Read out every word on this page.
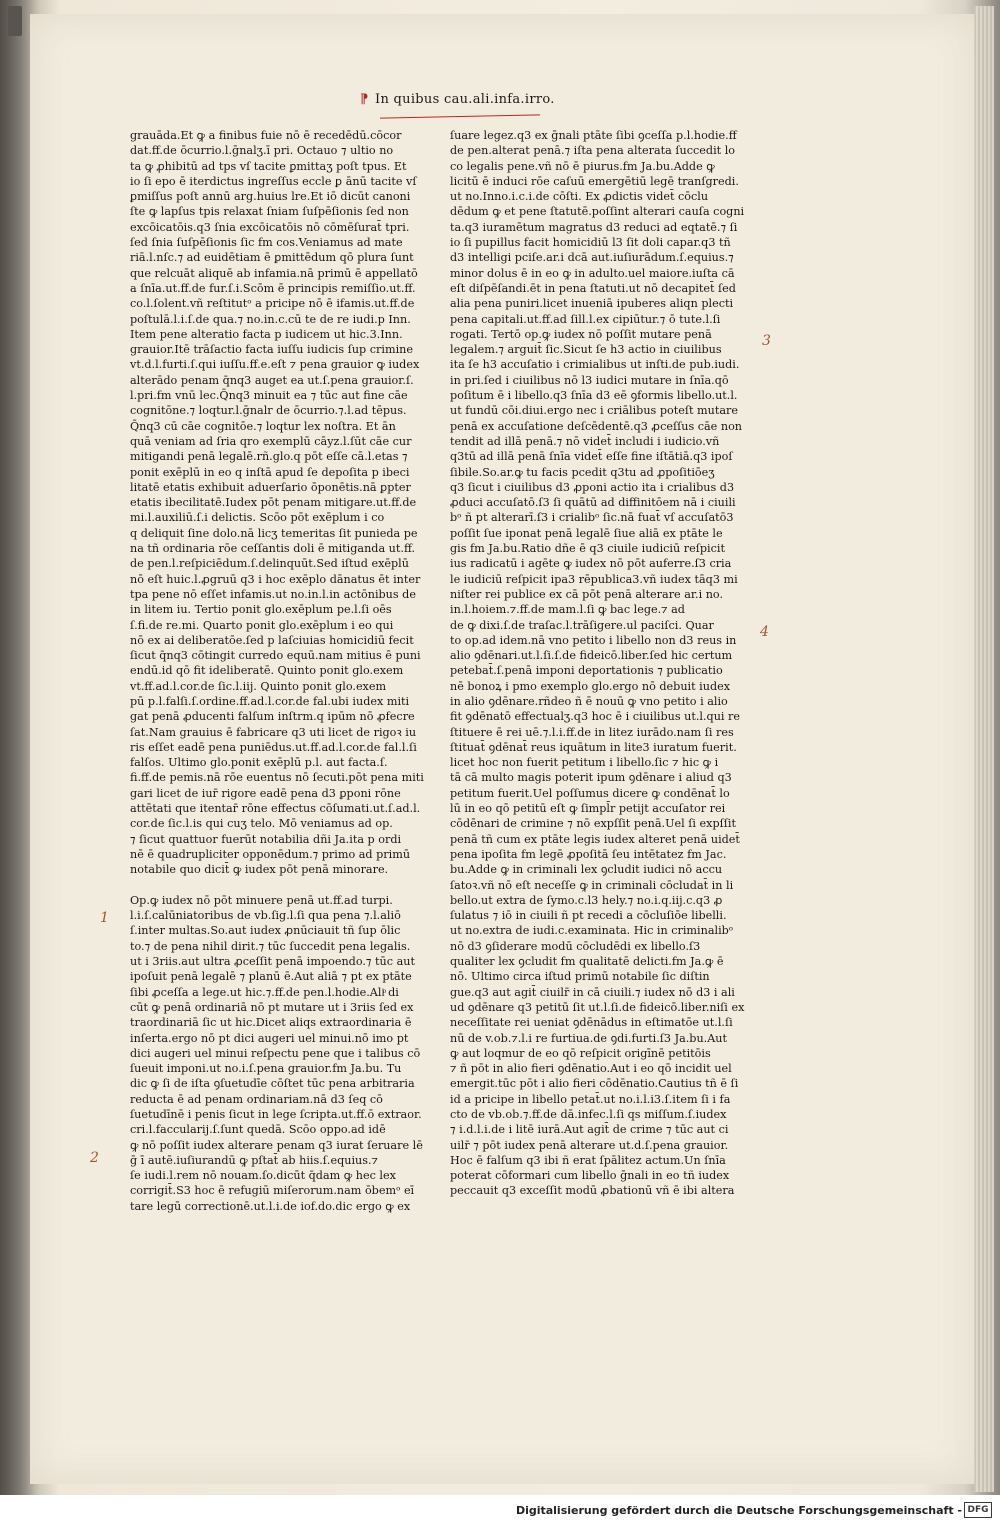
⁋ In quibus cau.ali.infa.irro.
grauāda.Et ꝙ a finibus fuie nō ē recedēdū.cōcor
dat.ff.de ōcurrio.l.ḡnalʒ.ī pri. Octauo ⁊ ultio no
ta ꝙ ꝓhibitū ad tps vſ tacite ꝑmittaʒ poſt tpus. Et
io ſi epo ē iterdictus ingreſſus eccle ꝑ ānū tacite vſ
ꝑmiſſus poſt annū arg.huius lre.Et iō dicūt canoni
ſte ꝙ lapſus tpis relaxat ſniam ſuſpēſionis ſed non
excōicatōis.q3 ſnia excōicatōis nō cōmēſurat̄ tpri.
ſed ſnia ſuſpēſionis ſic fm cos.Veniamus ad mate
riā.l.nſc.⁊ ad euidētiam ē ꝑmittēdum qō plura ſunt
que relcuāt aliquē ab infamia.nā primū ē appellatō
a ſnīa.ut.ff.de fur.ſ.i.Scōm ē principis remiſſio.ut.ff.
co.l.ſolent.vñ reſtitutᵒ a pricipe nō ē ifamis.ut.ff.de
poſtulā.l.i.ſ.de qua.⁊ no.in.c.cū te de re iudi.p Inn.
Item pene alteratio facta p iudicem ut hic.3.Inn.
grauior.Itē trāſactio facta iuſſu iudicis ſup crimine
vt.d.l.furti.ſ.qui iuſſu.ff.e.eſt ⁊ pena grauior ꝙ iudex
alterādo penam q̄nq3 auget ea ut.ſ.pena grauior.ſ.
l.pri.fm vnū lec.Q̄nq3 minuit ea ⁊ tūc aut fine cāe
cognitōne.⁊ loqtur.l.ḡnalr de ōcurrio.⁊.l.ad tēpus.
Q̄nq3 cū cāe cognitōe.⁊ loqtur lex noſtra. Et ān
quā veniam ad ſria qro exemplū cāyz.l.ſūt cāe cur
mitigandi penā legalē.rñ.glo.q pōt eſſe cā.l.etas ⁊
ponit exēplū in eo q inſtā apud ſe depoſita p ibeci
litatē etatis exhibuit aduerſario ōponētis.nā ꝑpter
etatis ibecilitatē.Iudex pōt penam mitigare.ut.ff.de
mi.l.auxiliū.ſ.i delictis. Scōo pōt exēplum i co
q deliquit ſine dolo.nā licʒ temeritas ſit punieda pe
na tñ ordinaria rōe ceſſantis doli ē mitiganda ut.ff.
de pen.l.reſpiciēdum.ſ.delinquūt.Sed iſtud exēplū
nō eſt huic.l.ꝓgruū q3 i hoc exēplo dānatus ēt inter
tpa pene nō eſſet infamis.ut no.in.l.in actōnibus de
in litem iu. Tertio ponit glo.exēplum pe.l.ſi oēs
ſ.fi.de re.mi. Quarto ponit glo.exēplum i eo qui
nō ex ai deliberatōe.ſed p laſciuias homicidiū fecit
ſicut q̄nq3 cōtingit curredo equū.nam mitius ē puni
endū.id qō fit ideliberatē. Quinto ponit glo.exem
vt.ff.ad.l.cor.de ſic.l.iij. Quinto ponit glo.exem
pū p.l.falſi.ſ.ordine.ff.ad.l.cor.de fal.ubi iudex miti
gat penā ꝓducenti falſum inſtrm.q ipūm nō ꝓfecre
ſat.Nam grauius ē fabricare q3 uti licet de rigoꝛ iu
ris eſſet eadē pena puniēdus.ut.ff.ad.l.cor.de fal.l.ſi
falſos. Ultimo glo.ponit exēplū p.l. aut facta.ſ.
fi.ff.de pemis.nā rōe euentus nō ſecuti.pōt pena miti
gari licet de iur̄ rigore eadē pena d3 ꝑponi rōne
attētati que itentar̄ rōne effectus cōſumati.ut.ſ.ad.l.
cor.de ſic.l.is qui cuʒ telo. Mō veniamus ad op.
⁊ ſicut quattuor fuerūt notabilia dñi Ja.ita p ordi
nē ē quadrupliciter opponēdum.⁊ primo ad primū
notabile quo dicit̄ ꝙ iudex pōt penā minorare.
Op.ꝙ iudex nō pōt minuere penā ut.ff.ad turpi.
l.i.ſ.calūniatoribus de vb.ſig.l.ſi qua pena ⁊.l.aliō
ſ.inter multas.So.aut iudex ꝓnūciauit tñ ſup ōlic
to.⁊ de pena nihil dirit.⁊ tūc ſuccedit pena legalis.
ut i 3riis.aut ultra ꝓceſſit penā impoendo.⁊ tūc aut
ipoſuit penā legalē ⁊ planū ē.Aut aliā ⁊ pt ex ptāte
ſibi ꝓceſſa a lege.ut hic.⁊.ff.de pen.l.hodie.Aliͦ di
cūt ꝙ penā ordinariā nō pt mutare ut i 3riis ſed ex
traordinariā ſic ut hic.Dicet aliqs extraordinaria ē
inſerta.ergo nō pt dici augeri uel minui.nō imo pt
dici augeri uel minui reſpectu pene que i talibus cō
ſueuit imponi.ut no.i.ſ.pena grauior.fm Ja.bu. Tu
dic ꝙ ſi de iſta ꝯſuetudīe cōſtet tūc pena arbitraria
reducta ē ad penam ordinariam.nā d3 ſeq cō
ſuetudīnē i penis ſicut in lege ſcripta.ut.ff.ō extraor.
cri.l.faccularij.ſ.ſunt quedā. Scōo oppo.ad idē
ꝙ nō poſſit iudex alterare penam q3 iurat ſeruare lē
ḡ ī autē.iuſiurandū ꝙ pſtat̄ ab hiis.ſ.equius.⁊
ſe iudi.l.rem nō nouam.ſo.dicūt q̄dam ꝙ hec lex
corrigit̄.S3 hoc ē refugiū miſerorum.nam ōbemᵒ eī
tare legū correctionē.ut.l.i.de iof.do.dic ergo ꝙ ex
ſuare legez.q3 ex ḡnali ptāte ſibi ꝯceſſa p.l.hodie.ff
de pen.alterat penā.⁊ iſta pena alterata ſuccedit lo
co legalis pene.vñ nō ē piurus.fm Ja.bu.Adde ꝙ
licitū ē induci rōe caſuū emergētiū legē tranſgredi.
ut no.Inno.i.c.i.de cōſti. Ex ꝓdictis videt̄ cōclu
dēdum ꝙ et pene ſtatutē.poſſint alterari cauſa cogni
ta.q3 iuramētum magratus d3 reduci ad eqtatē.⁊ ſi
io ſi pupillus facit homicidiū l3 ſit doli capar.q3 tñ
d3 intelligi pciſe.ar.i dcā aut.iuſiurādum.ſ.equius.⁊
minor dolus ē in eo ꝙ in adulto.uel maiore.iuſta cā
eſt diſpēſandi.ēt in pena ſtatuti.ut nō decapitet̄ ſed
alia pena puniri.licet inueniā ipuberes aliqn plecti
pena capitali.ut.ff.ad ſill.l.ex cipiūtur.⁊ ō tute.l.ſi
rogati. Tertō op.ꝙ iudex nō poſſit mutare penā
legalem.⁊ arguit̄ ſic.Sicut ſe h3 actio in ciuilibus
ita ſe h3 accuſatio i crimialibus ut inſti.de pub.iudi.
in pri.ſed i ciuilibus nō l3 iudici mutare in ſnīa.qō
poſitum ē i libello.q3 ſnīa d3 eē ꝯformis libello.ut.l.
ut fundū cōi.diui.ergo nec i criālibus poteſt mutare
penā ex accuſatione deſcēdentē.q3 ꝓceſſus cāe non
tendit ad illā penā.⁊ nō videt̄ includi i iudicio.vñ
q3tū ad illā penā ſnīa videt̄ eſſe fine iſtātiā.q3 ipoſ
ſibile.So.ar.ꝙ tu facis pcedit q3tu ad ꝓpoſitiōeʒ
q3 ſicut i ciuilibus d3 ꝓponi actio ita i crialibus d3
ꝓduci accuſatō.ſ3 ſi quātū ad diffinitōem nā i ciuili
bᵒ ñ pt alterarī.ſ3 i crialibᵒ ſic.nā fuat̄ vſ accuſatō3
poſſit ſue iponat penā legalē ſiue aliā ex ptāte le
gis fm Ja.bu.Ratio dñe ē q3 ciuile iudiciū reſpicit
ius radicatū i agēte ꝙ iudex nō pōt auferre.ſ3 cria
le iudiciū reſpicit ipa3 rēpublica3.vñ iudex tāq3 mi
niſter rei publice ex cā pōt penā alterare ar.i no.
in.l.hoiem.⁊.ff.de mam.l.ſi ꝙ bac lege.⁊ ad
de ꝙ dixi.ſ.de traſac.l.trāſigere.ul paciſci. Quar
to op.ad idem.nā vno petito i libello non d3 reus in
alio ꝯdēnari.ut.l.ſi.ſ.de fideicō.liber.ſed hic certum
petebat̄.ſ.penā imponi deportationis ⁊ publicatio
nē bonoꝝ i pmo exemplo glo.ergo nō debuit iudex
in alio ꝯdēnare.rñdeo ñ ē nouū ꝙ vno petito i alio
fit ꝯdēnatō effectualʒ.q3 hoc ē i ciuilibus ut.l.qui re
ſtituere ē rei uē.⁊.l.i.ff.de in litez iurādo.nam ſi res
ſtituat̄ ꝯdēnat̄ reus iquātum in lite3 iuratum fuerit.
licet hoc non fuerit petitum i libello.ſic ⁊ hic ꝙ i
tā cā multo magis poterit ipum ꝯdēnare i aliud q3
petitum fuerit.Uel poſſumus dicere ꝙ condēnat̄ lo
lū in eo qō petitū eſt ꝙ ſimpl̄r petijt accuſator rei
cōdēnari de crimine ⁊ nō expſſit penā.Uel ſi expſſit
penā tñ cum ex ptāte legis iudex alteret penā uidet̄
pena ipoſita fm legē ꝓpoſitā ſeu intētatez fm Jac.
bu.Adde ꝙ in criminali lex ꝯcludit iudici nō accu
ſatoꝛ.vñ nō eſt neceſſe ꝙ in criminali cōcludat̄ in li
bello.ut extra de ſymo.c.l3 hely.⁊ no.i.q.iij.c.q3 ꝓ
ſulatus ⁊ iō in ciuili ñ pt recedi a cōcluſiōe libelli.
ut no.extra de iudi.c.examinata. Hic in criminalibᵒ
nō d3 ꝯſiderare modū cōcludēdi ex libello.ſ3
qualiter lex ꝯcludit fm qualitatē delicti.fm Ja.ꝙ ē
nō. Ultimo circa iſtud primū notabile ſic diſtin
gue.q3 aut agit̄ ciuilr̄ in cā ciuili.⁊ iudex nō d3 i ali
ud ꝯdēnare q3 petitū ſit ut.l.ſi.de fideicō.liber.niſi ex
neceſſitate rei ueniat ꝯdēnādus in eſtimatōe ut.l.ſi
nū de v.ob.⁊.l.i re furtiua.de ꝯdi.furti.ſ3 Ja.bu.Aut
ꝙ aut loqmur de eo qō reſpicit origīnē petitōis
⁊ ñ pōt in alio fieri ꝯdēnatio.Aut i eo qō incidit uel
emergit.tūc pōt i alio fieri cōdēnatio.Cautius tñ ē ſi
id a pricipe in libello petat̄.ut no.i.l.i3.ſ.item ſi i fa
cto de vb.ob.⁊.ff.de dā.infec.l.ſi qs miſſum.ſ.iudex
⁊ i.d.l.i.de i litē iurā.Aut agit̄ de crime ⁊ tūc aut ci
uilr̄ ⁊ pōt iudex penā alterare ut.d.ſ.pena grauior.
Hoc ē falſum q3 ibi ñ erat ſpālitez actum.Un ſnīa
poterat cōformari cum libello ḡnali in eo tñ iudex
peccauit q3 exceſſit modū ꝓbationū vñ ē ibi altera
3
4
1
2
Digitalisierung gefördert durch die Deutsche Forschungsgemeinschaft - DFG
